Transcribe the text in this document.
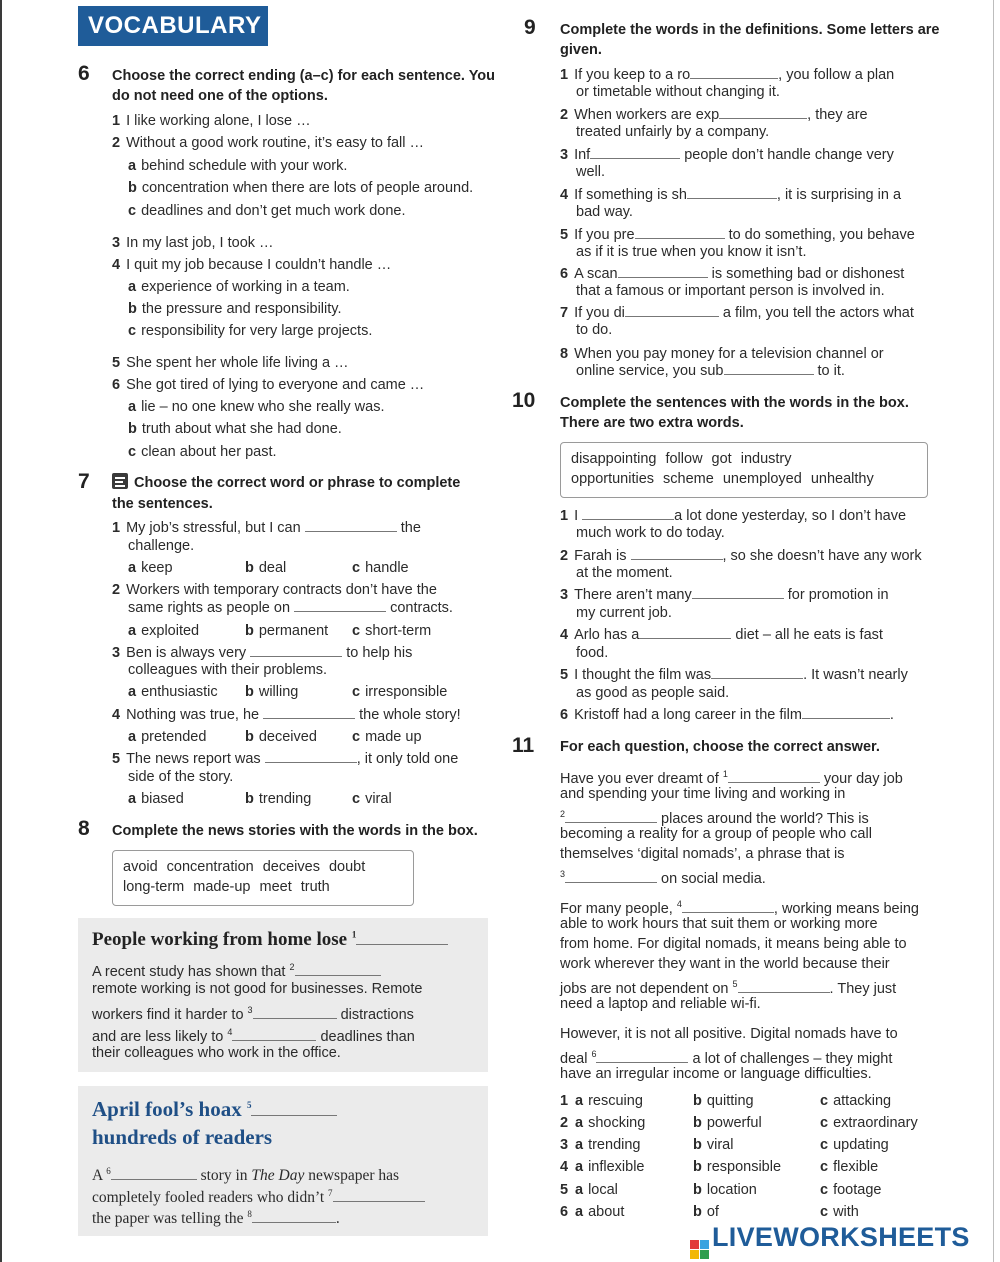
VOCABULARY
6 Choose the correct ending (a–c) for each sentence. You do not need one of the options.
1 I like working alone, I lose …
2 Without a good work routine, it’s easy to fall …
a behind schedule with your work.
b concentration when there are lots of people around.
c deadlines and don’t get much work done.
3 In my last job, I took …
4 I quit my job because I couldn’t handle …
a experience of working in a team.
b the pressure and responsibility.
c responsibility for very large projects.
5 She spent her whole life living a …
6 She got tired of lying to everyone and came …
a lie – no one knew who she really was.
b truth about what she had done.
c clean about her past.
7	Choose the correct word or phrase to complete
the sentences.
1 My job’s stressful, but I can	the
challenge.
a keep	b deal	c handle
2 Workers with temporary contracts don’t have the
same rights as people on	contracts.
a exploited	b permanent c short-term
3 Ben is always very	to help his
colleagues with their problems.
a enthusiastic b willing	c irresponsible
4 Nothing was true, he	the whole story!
a pretended	b deceived c made up
5 The news report was	, it only told one
side of the story.
a biased	b trending	c viral
8 Complete the news stories with the words in the box.
avoid concentration deceives doubt
long-term made-up meet truth
People working from home lose $^1$
A recent study has shown that $^2$
remote working is not good for businesses. Remote
workers find it harder to $^3$	distractions
and are less likely to $^4$	deadlines than
their colleagues who work in the office.
April fool’s hoax $^5$
hundreds of readers
A $^6$	story in The Day newspaper has
completely fooled readers who didn’t $^7$
the paper was telling the $^8$	.
9 Complete the words in the definitions. Some letters are given.
1 If you keep to a ro	, you follow a plan
or timetable without changing it.
2 When workers are exp	, they are
treated unfairly by a company.
3 Inf	people don’t handle change very
well.
4 If something is sh	, it is surprising in a
bad way.
5 If you pre	to do something, you behave
as if it is true when you know it isn’t.
6 A scan	is something bad or dishonest
that a famous or important person is involved in.
7 If you di	a film, you tell the actors what
to do.
8 When you pay money for a television channel or
online service, you sub	to it.
10 Complete the sentences with the words in the box. There are two extra words.
disappointing follow got industry
opportunities scheme unemployed unhealthy
1 I	a lot done yesterday, so I don’t have
much work to do today.
2 Farah is	, so she doesn’t have any work
at the moment.
3 There aren’t many	for promotion in
my current job.
4 Arlo has a	diet – all he eats is fast
food.
5 I thought the film was	. It wasn’t nearly
as good as people said.
6 Kristoff had a long career in the film	.
11 For each question, choose the correct answer.
Have you ever dreamt of $^1$	your day job
and spending your time living and working in
$^2$	places around the world? This is
becoming a reality for a group of people who call
themselves ‘digital nomads’, a phrase that is
$^3$	on social media.
For many people, $^4$	, working means being
able to work hours that suit them or working more
from home. For digital nomads, it means being able to
work wherever they want in the world because their
jobs are not dependent on $^5$	. They just
need a laptop and reliable wi-fi.
However, it is not all positive. Digital nomads have to
deal $^6$	a lot of challenges – they might
have an irregular income or language difficulties.
1 a rescuing	b quitting	c attacking
2 a shocking	b powerful	c extraordinary
3 a trending	b viral	c updating
4 a inflexible	b responsible	c flexible
5 a local	b location	c footage
6 a about	b of	c with
LIVEWORKSHEETS
